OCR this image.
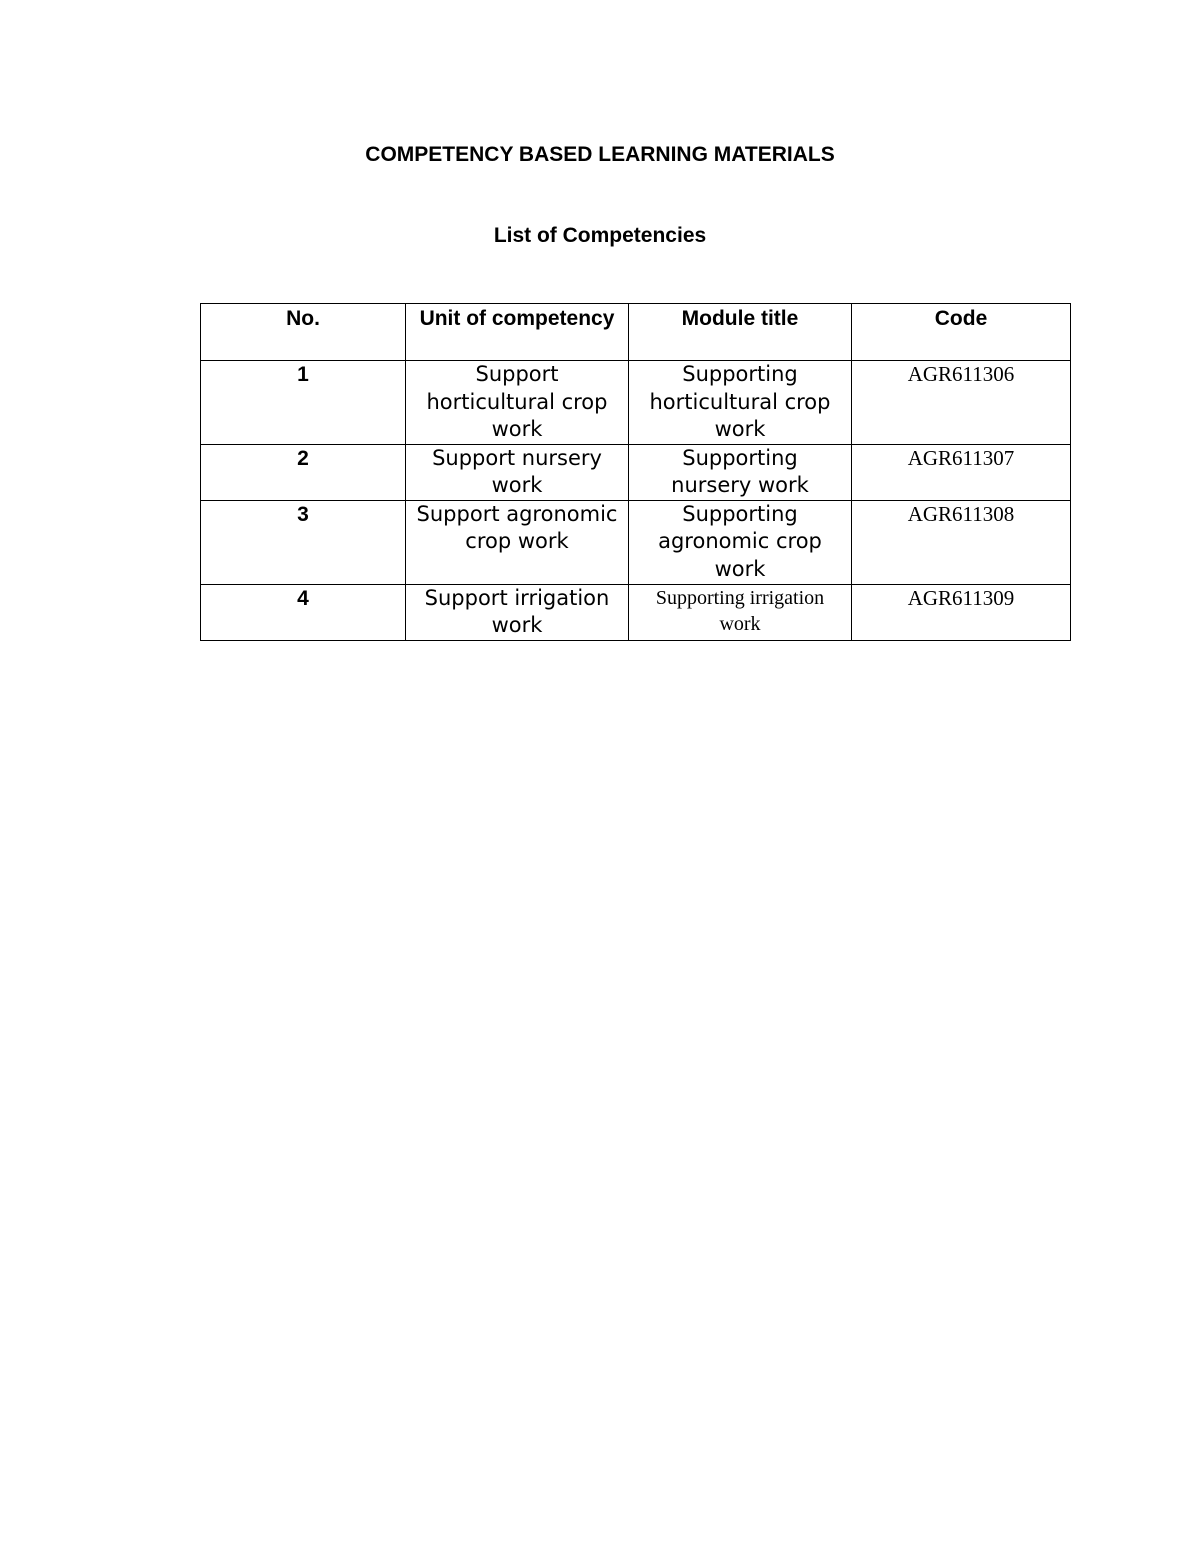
COMPETENCY BASED LEARNING MATERIALS
List of Competencies
No.	Unit of competency	Module title	Code
1	Support horticultural crop work	Supporting horticultural crop work	AGR611306
2	Support nursery work	Supporting nursery work	AGR611307
3	Support agronomic crop work	Supporting agronomic crop work	AGR611308
4	Support irrigation work	Supporting irrigation work	AGR611309
